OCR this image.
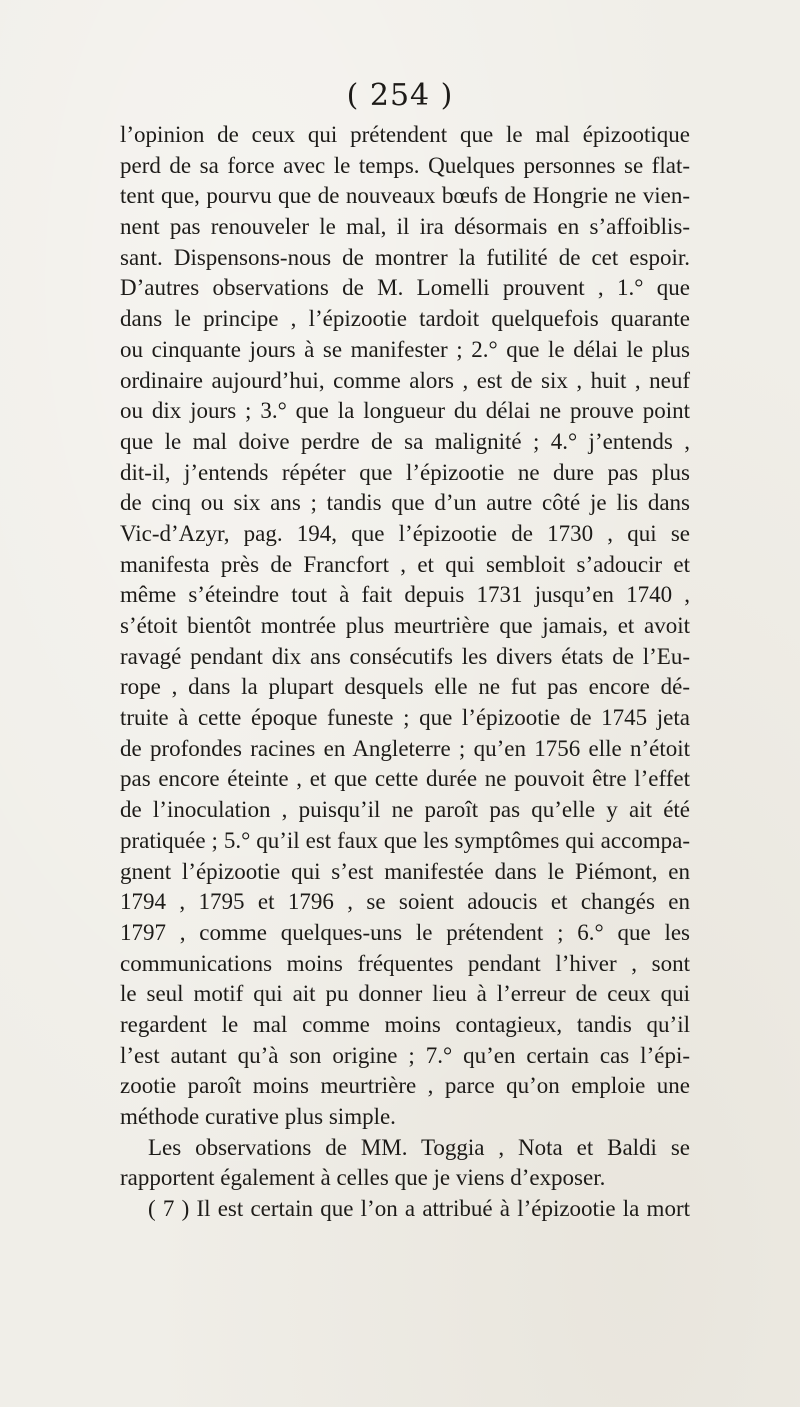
( 254 )
l’opinion de ceux qui prétendent que le mal épizootique
perd de sa force avec le temps. Quelques personnes se flat-
tent que, pourvu que de nouveaux bœufs de Hongrie ne vien-
nent pas renouveler le mal, il ira désormais en s’affoiblis-
sant. Dispensons-nous de montrer la futilité de cet espoir.
D’autres observations de M. Lomelli prouvent , 1.° que
dans le principe , l’épizootie tardoit quelquefois quarante
ou cinquante jours à se manifester ; 2.° que le délai le plus
ordinaire aujourd’hui, comme alors , est de six , huit , neuf
ou dix jours ; 3.° que la longueur du délai ne prouve point
que le mal doive perdre de sa malignité ; 4.° j’entends ,
dit-il, j’entends répéter que l’épizootie ne dure pas plus
de cinq ou six ans ; tandis que d’un autre côté je lis dans
Vic-d’Azyr, pag. 194, que l’épizootie de 1730 , qui se
manifesta près de Francfort , et qui sembloit s’adoucir et
même s’éteindre tout à fait depuis 1731 jusqu’en 1740 ,
s’étoit bientôt montrée plus meurtrière que jamais, et avoit
ravagé pendant dix ans consécutifs les divers états de l’Eu-
rope , dans la plupart desquels elle ne fut pas encore dé-
truite à cette époque funeste ; que l’épizootie de 1745 jeta
de profondes racines en Angleterre ; qu’en 1756 elle n’étoit
pas encore éteinte , et que cette durée ne pouvoit être l’effet
de l’inoculation , puisqu’il ne paroît pas qu’elle y ait été
pratiquée ; 5.° qu’il est faux que les symptômes qui accompa-
gnent l’épizootie qui s’est manifestée dans le Piémont, en
1794 , 1795 et 1796 , se soient adoucis et changés en
1797 , comme quelques-uns le prétendent ; 6.° que les
communications moins fréquentes pendant l’hiver , sont
le seul motif qui ait pu donner lieu à l’erreur de ceux qui
regardent le mal comme moins contagieux, tandis qu’il
l’est autant qu’à son origine ; 7.° qu’en certain cas l’épi-
zootie paroît moins meurtrière , parce qu’on emploie une
méthode curative plus simple.
Les observations de MM. Toggia , Nota et Baldi se
rapportent également à celles que je viens d’exposer.
( 7 ) Il est certain que l’on a attribué à l’épizootie la mort
